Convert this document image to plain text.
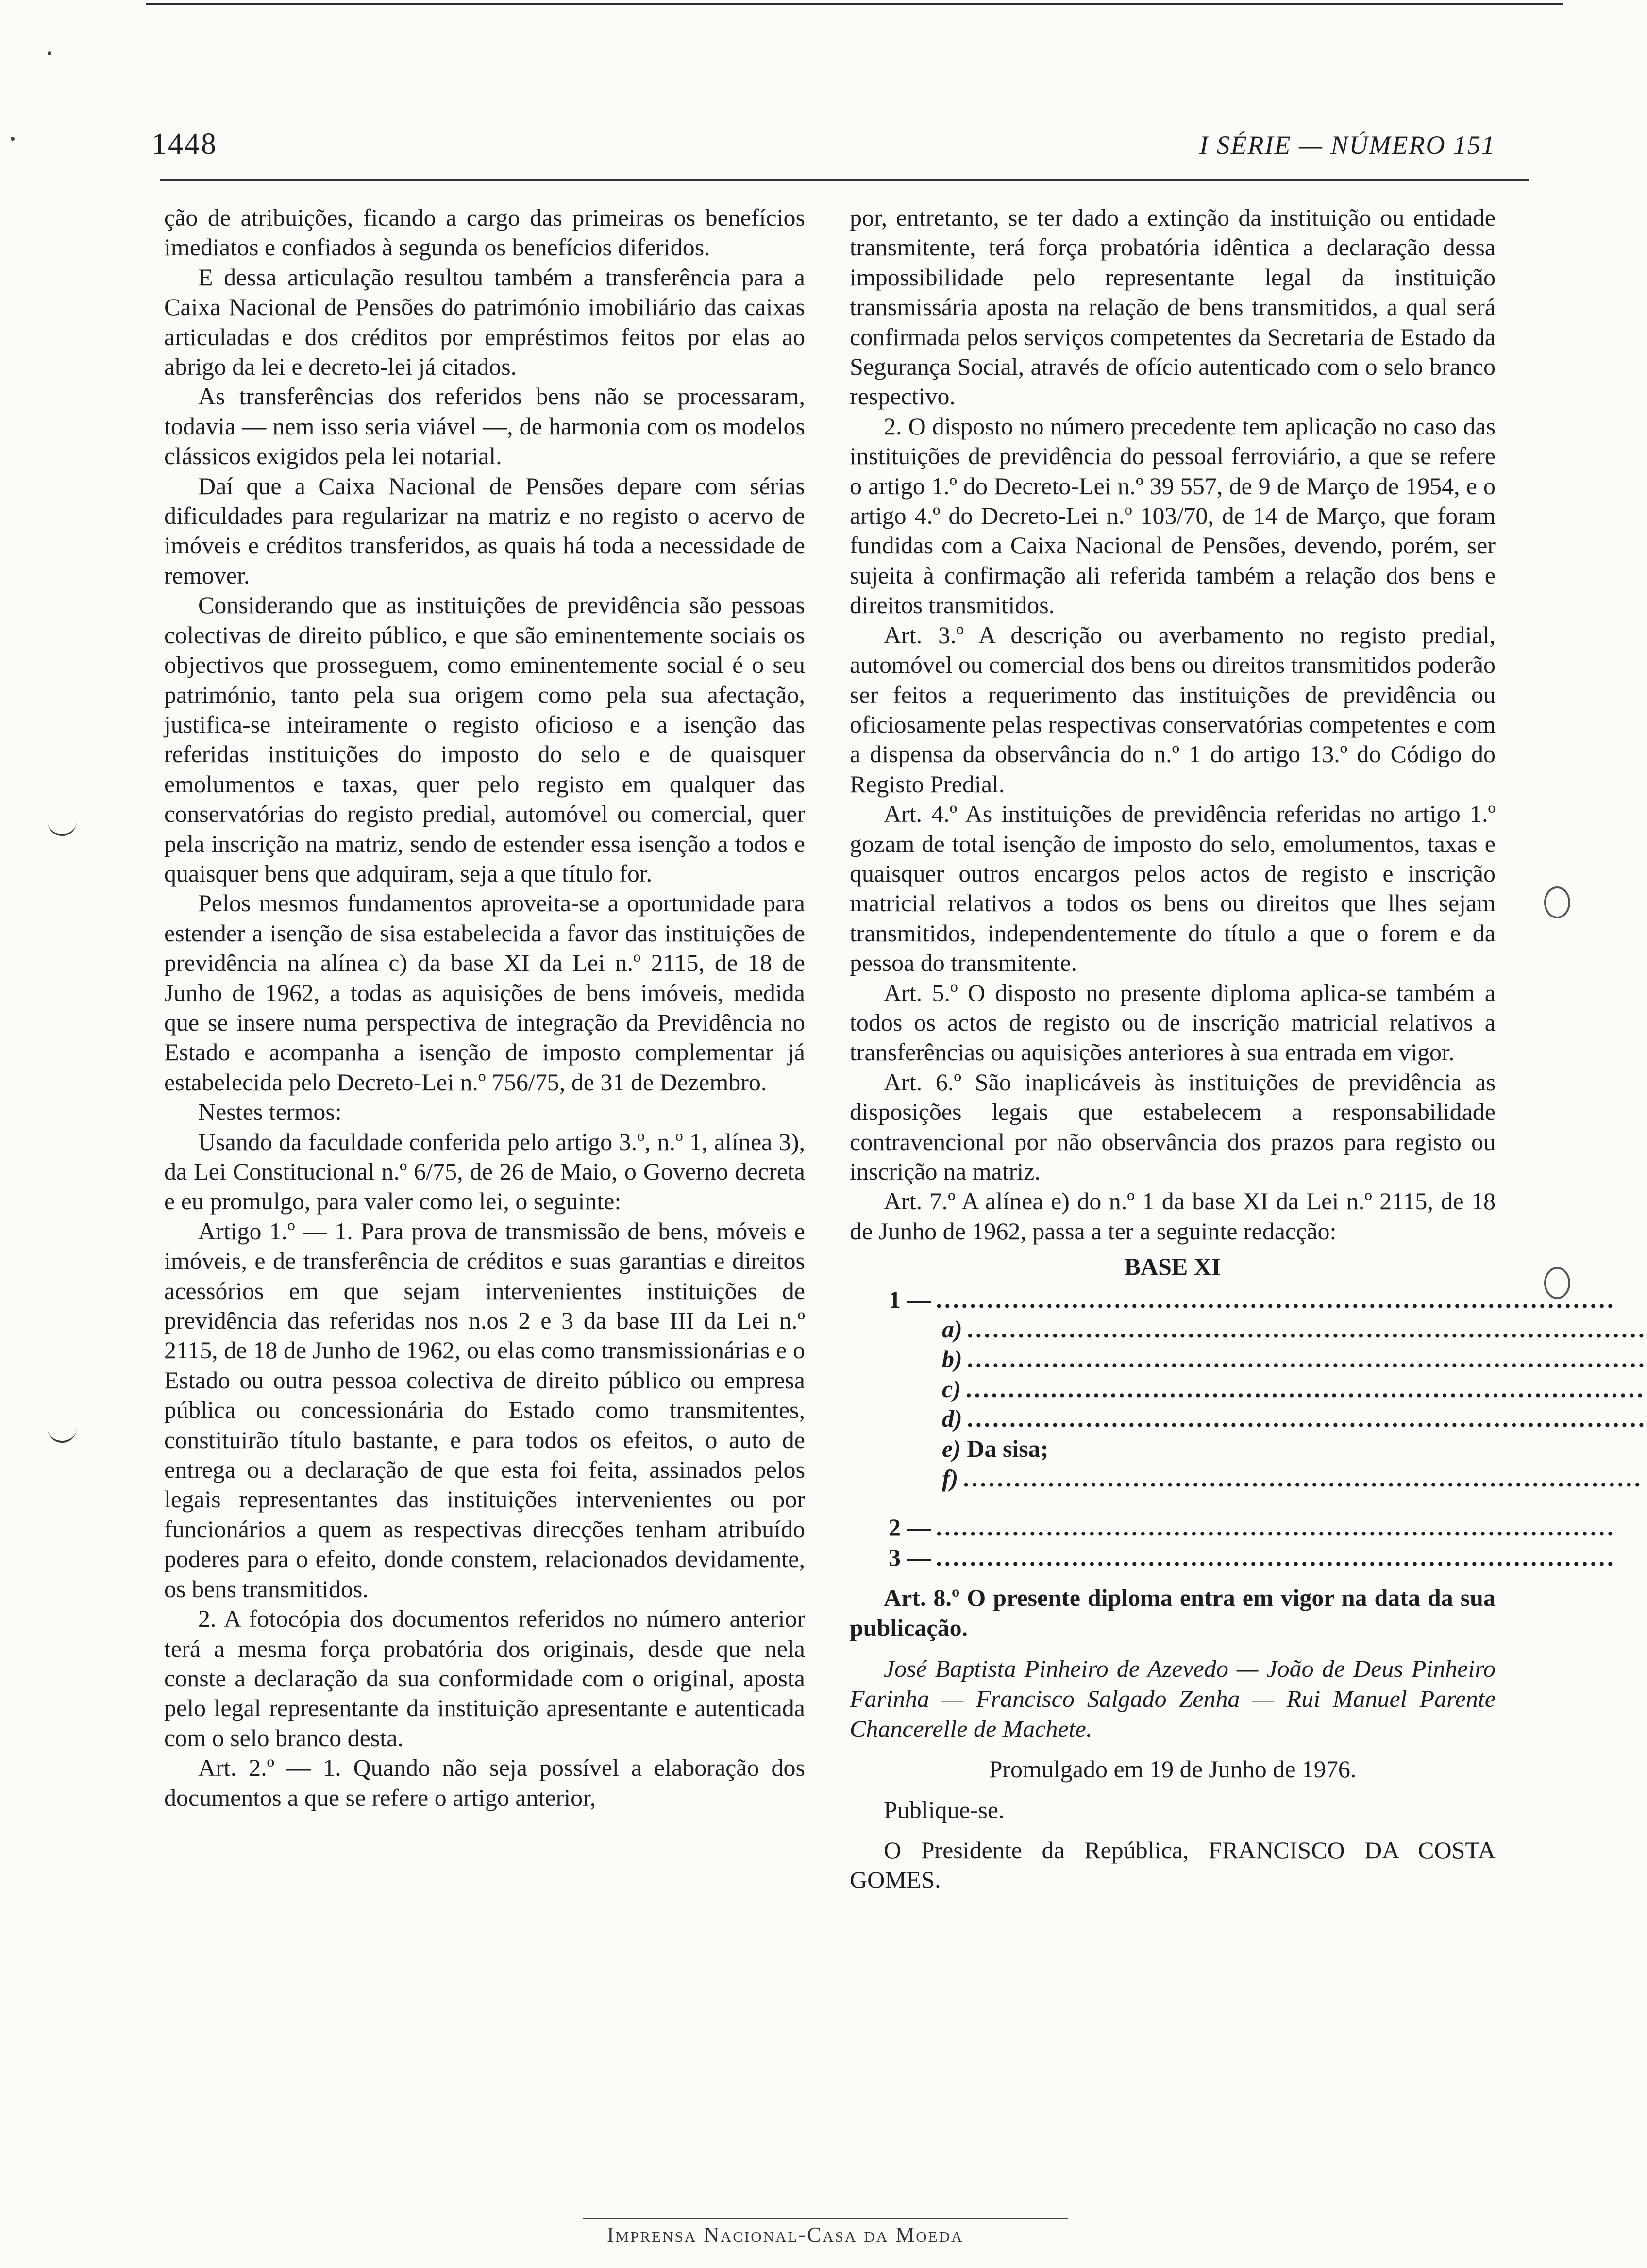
1448	I SÉRIE — NÚMERO 151

ção de atribuições, ficando a cargo das primeiras os benefícios imediatos e confiados à segunda os benefícios diferidos.

E dessa articulação resultou também a transferência para a Caixa Nacional de Pensões do património imobiliário das caixas articuladas e dos créditos por empréstimos feitos por elas ao abrigo da lei e decreto-lei já citados.

As transferências dos referidos bens não se processaram, todavia — nem isso seria viável —, de harmonia com os modelos clássicos exigidos pela lei notarial.

Daí que a Caixa Nacional de Pensões depare com sérias dificuldades para regularizar na matriz e no registo o acervo de imóveis e créditos transferidos, as quais há toda a necessidade de remover.

Considerando que as instituições de previdência são pessoas colectivas de direito público, e que são eminentemente sociais os objectivos que prosseguem, como eminentemente social é o seu património, tanto pela sua origem como pela sua afectação, justifica-se inteiramente o registo oficioso e a isenção das referidas instituições do imposto do selo e de quaisquer emolumentos e taxas, quer pelo registo em qualquer das conservatórias do registo predial, automóvel ou comercial, quer pela inscrição na matriz, sendo de estender essa isenção a todos e quaisquer bens que adquiram, seja a que título for.

Pelos mesmos fundamentos aproveita-se a oportunidade para estender a isenção de sisa estabelecida a favor das instituições de previdência na alínea c) da base XI da Lei n.º 2115, de 18 de Junho de 1962, a todas as aquisições de bens imóveis, medida que se insere numa perspectiva de integração da Previdência no Estado e acompanha a isenção de imposto complementar já estabelecida pelo Decreto-Lei n.º 756/75, de 31 de Dezembro.

Nestes termos:

Usando da faculdade conferida pelo artigo 3.º, n.º 1, alínea 3), da Lei Constitucional n.º 6/75, de 26 de Maio, o Governo decreta e eu promulgo, para valer como lei, o seguinte:

Artigo 1.º — 1. Para prova de transmissão de bens, móveis e imóveis, e de transferência de créditos e suas garantias e direitos acessórios em que sejam intervenientes instituições de previdência das referidas nos n.os 2 e 3 da base III da Lei n.º 2115, de 18 de Junho de 1962, ou elas como transmissionárias e o Estado ou outra pessoa colectiva de direito público ou empresa pública ou concessionária do Estado como transmitentes, constituirão título bastante, e para todos os efeitos, o auto de entrega ou a declaração de que esta foi feita, assinados pelos legais representantes das instituições intervenientes ou por funcionários a quem as respectivas direcções tenham atribuído poderes para o efeito, donde constem, relacionados devidamente, os bens transmitidos.

2. A fotocópia dos documentos referidos no número anterior terá a mesma força probatória dos originais, desde que nela conste a declaração da sua conformidade com o original, aposta pelo legal representante da instituição apresentante e autenticada com o selo branco desta.

Art. 2.º — 1. Quando não seja possível a elaboração dos documentos a que se refere o artigo anterior,

por, entretanto, se ter dado a extinção da instituição ou entidade transmitente, terá força probatória idêntica a declaração dessa impossibilidade pelo representante legal da instituição transmissária aposta na relação de bens transmitidos, a qual será confirmada pelos serviços competentes da Secretaria de Estado da Segurança Social, através de ofício autenticado com o selo branco respectivo.

2. O disposto no número precedente tem aplicação no caso das instituições de previdência do pessoal ferroviário, a que se refere o artigo 1.º do Decreto-Lei n.º 39 557, de 9 de Março de 1954, e o artigo 4.º do Decreto-Lei n.º 103/70, de 14 de Março, que foram fundidas com a Caixa Nacional de Pensões, devendo, porém, ser sujeita à confirmação ali referida também a relação dos bens e direitos transmitidos.

Art. 3.º A descrição ou averbamento no registo predial, automóvel ou comercial dos bens ou direitos transmitidos poderão ser feitos a requerimento das instituições de previdência ou oficiosamente pelas respectivas conservatórias competentes e com a dispensa da observância do n.º 1 do artigo 13.º do Código do Registo Predial.

Art. 4.º As instituições de previdência referidas no artigo 1.º gozam de total isenção de imposto do selo, emolumentos, taxas e quaisquer outros encargos pelos actos de registo e inscrição matricial relativos a todos os bens ou direitos que lhes sejam transmitidos, independentemente do título a que o forem e da pessoa do transmitente.

Art. 5.º O disposto no presente diploma aplica-se também a todos os actos de registo ou de inscrição matricial relativos a transferências ou aquisições anteriores à sua entrada em vigor.

Art. 6.º São inaplicáveis às instituições de previdência as disposições legais que estabelecem a responsabilidade contravencional por não observância dos prazos para registo ou inscrição na matriz.

Art. 7.º A alínea e) do n.º 1 da base XI da Lei n.º 2115, de 18 de Junho de 1962, passa a ter a seguinte redacção:

BASE XI
1 — ................................................................................
a) ................................................................................
b) ................................................................................
c) ................................................................................
d) ................................................................................
e)
Da sisa;
f) ................................................................................
2 — ................................................................................
3 — ................................................................................

Art. 8.º O presente diploma entra em vigor na data da sua publicação.

José Baptista Pinheiro de Azevedo — João de Deus Pinheiro Farinha — Francisco Salgado Zenha — Rui Manuel Parente Chancerelle de Machete.

Promulgado em 19 de Junho de 1976.

Publique-se.

O Presidente da República, FRANCISCO DA COSTA GOMES.

Imprensa Nacional-Casa da Moeda
